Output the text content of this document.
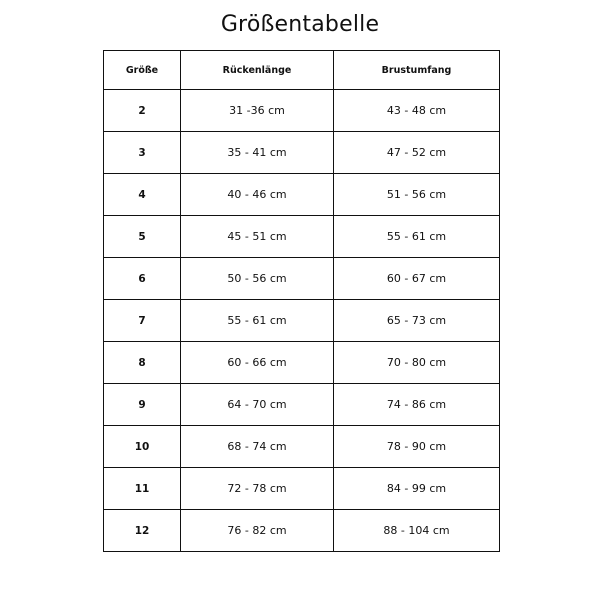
Größentabelle
Größe	Rückenlänge	Brustumfang
2	31 -36 cm	43 - 48 cm
3	35 - 41 cm	47 - 52 cm
4	40 - 46 cm	51 - 56 cm
5	45 - 51 cm	55 - 61 cm
6	50 - 56 cm	60 - 67 cm
7	55 - 61 cm	65 - 73 cm
8	60 - 66 cm	70 - 80 cm
9	64 - 70 cm	74 - 86 cm
10	68 - 74 cm	78 - 90 cm
11	72 - 78 cm	84 - 99 cm
12	76 - 82 cm	88 - 104 cm
